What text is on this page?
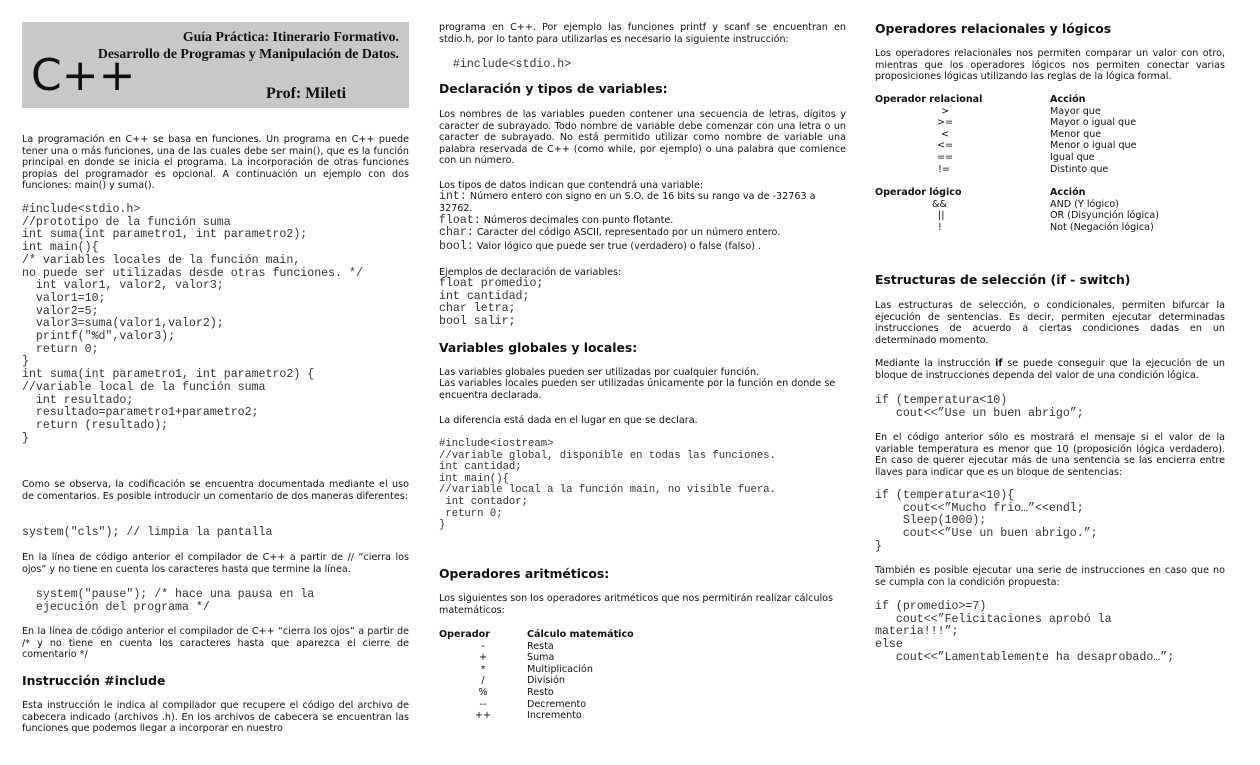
Guía Práctica: Itinerario Formativo.
Desarrollo de Programas y Manipulación de Datos.
C++	Prof: Mileti

La programación en C++ se basa en funciones. Un programa en C++ puede tener una o más funciones, una de las cuales debe ser main(), que es la función principal en donde se inicia el programa. La incorporación de otras funciones propias del programador es opcional. A continuación un ejemplo con dos funciones: main() y suma().

#include<stdio.h>
//prototipo de la función suma
int suma(int parametro1, int parametro2);
int main(){
/* variables locales de la función main,
no puede ser utilizadas desde otras funciones. */
int valor1, valor2, valor3;
valor1=10;
valor2=5;
valor3=suma(valor1,valor2);
printf("%d",valor3);
return 0;
}
int suma(int parametro1, int parametro2) {
//variable local de la función suma
int resultado;
resultado=parametro1+parametro2;
return (resultado);
}

Como se observa, la codificación se encuentra documentada mediante el uso de comentarios. Es posible introducir un comentario de dos maneras diferentes:

system("cls"); // limpia la pantalla

En la línea de código anterior el compilador de C++ a partir de // “cierra los ojos” y no tiene en cuenta los caracteres hasta que termine la línea.

system("pause"); /* hace una pausa en la
ejecución del programa */

En la línea de código anterior el compilador de C++ “cierra los ojos” a partir de /* y no tiene en cuenta los caracteres hasta que aparezca el cierre de comentario */

Instrucción #include

Esta instrucción le indica al compilador que recupere el código del archivo de cabecera indicado (archivos .h). En los archivos de cabecera se encuentran las funciones que podemos llegar a incorporar en nuestro

programa en C++. Por ejemplo las funciones printf y scanf se encuentran en stdio.h, por lo tanto para utilizarlas es necesario la siguiente instrucción:

#include<stdio.h>
Declaración y tipos de variables:

Los nombres de las variables pueden contener una secuencia de letras, dígitos y caracter de subrayado. Todo nombre de variable debe comenzar con una letra o un caracter de subrayado. No está permitido utilizar como nombre de variable una palabra reservada de C++ (como while, por ejemplo) o una palabra que comience con un número.

Los tipos de datos indican que contendrá una variable:

int: Número entero con signo en un S.O. de 16 bits su rango va de -32763 a 32762.
float: Números decimales con punto flotante.
char: Caracter del código ASCII, representado por un número entero.
bool: Valor lógico que puede ser true (verdadero) o false (falso) .

Ejemplos de declaración de variables:

float promedio;
int cantidad;
char letra;
bool salir;
Variables globales y locales:

Las variables globales pueden ser utilizadas por cualquier función.

Las variables locales pueden ser utilizadas únicamente por la función en donde se encuentra declarada.

La diferencia está dada en el lugar en que se declara.

#include<iostream>
//variable global, disponible en todas las funciones.
int cantidad;
int main(){
//variable local a la función main, no visible fuera.
int contador;
return 0;
}
Operadores aritméticos:

Los siguientes son los operadores aritméticos que nos permitirán realizar cálculos matemáticos:

Operador	Cálculo matemático
-	Resta
+	Suma
*	Multiplicación
/	División
%	Resto
--	Decremento
++	Incremento
Operadores relacionales y lógicos

Los operadores relacionales nos permiten comparar un valor con otro, mientras que los operadores lógicos nos permiten conectar varias proposiciones lógicas utilizando las reglas de la lógica formal.

Operador relacional	Acción
>	Mayor que
>=	Mayor o igual que
<	Menor que
<=	Menor o igual que
==	Igual que
!=	Distinto que
Operador lógico	Acción
&&	AND (Y lógico)
||	OR (Disyunción lógica)
!	Not (Negación lógica)
Estructuras de selección (if - switch)

Las estructuras de selección, o condicionales, permiten bifurcar la ejecución de sentencias. Es decir, permiten ejecutar determinadas instrucciones de acuerdo a ciertas condiciones dadas en un determinado momento.

Mediante la instrucción if se puede conseguir que la ejecución de un bloque de instrucciones dependa del valor de una condición lógica.

if (temperatura<10)
cout<<”Use un buen abrigo”;

En el código anterior sólo es mostrará el mensaje si el valor de la variable temperatura es menor que 10 (proposición lógica verdadero). En caso de querer ejecutar más de una sentencia se las encierra entre llaves para indicar que es un bloque de sentencias:

if (temperatura<10){
cout<<”Mucho frio…”<<endl;
Sleep(1000);
cout<<”Use un buen abrigo.”;
}

También es posible ejecutar una serie de instrucciones en caso que no se cumpla con la condición propuesta:

if (promedio>=7)
cout<<”Felicitaciones aprobó la
materia!!!”;
else
cout<<”Lamentablemente ha desaprobado…”;
